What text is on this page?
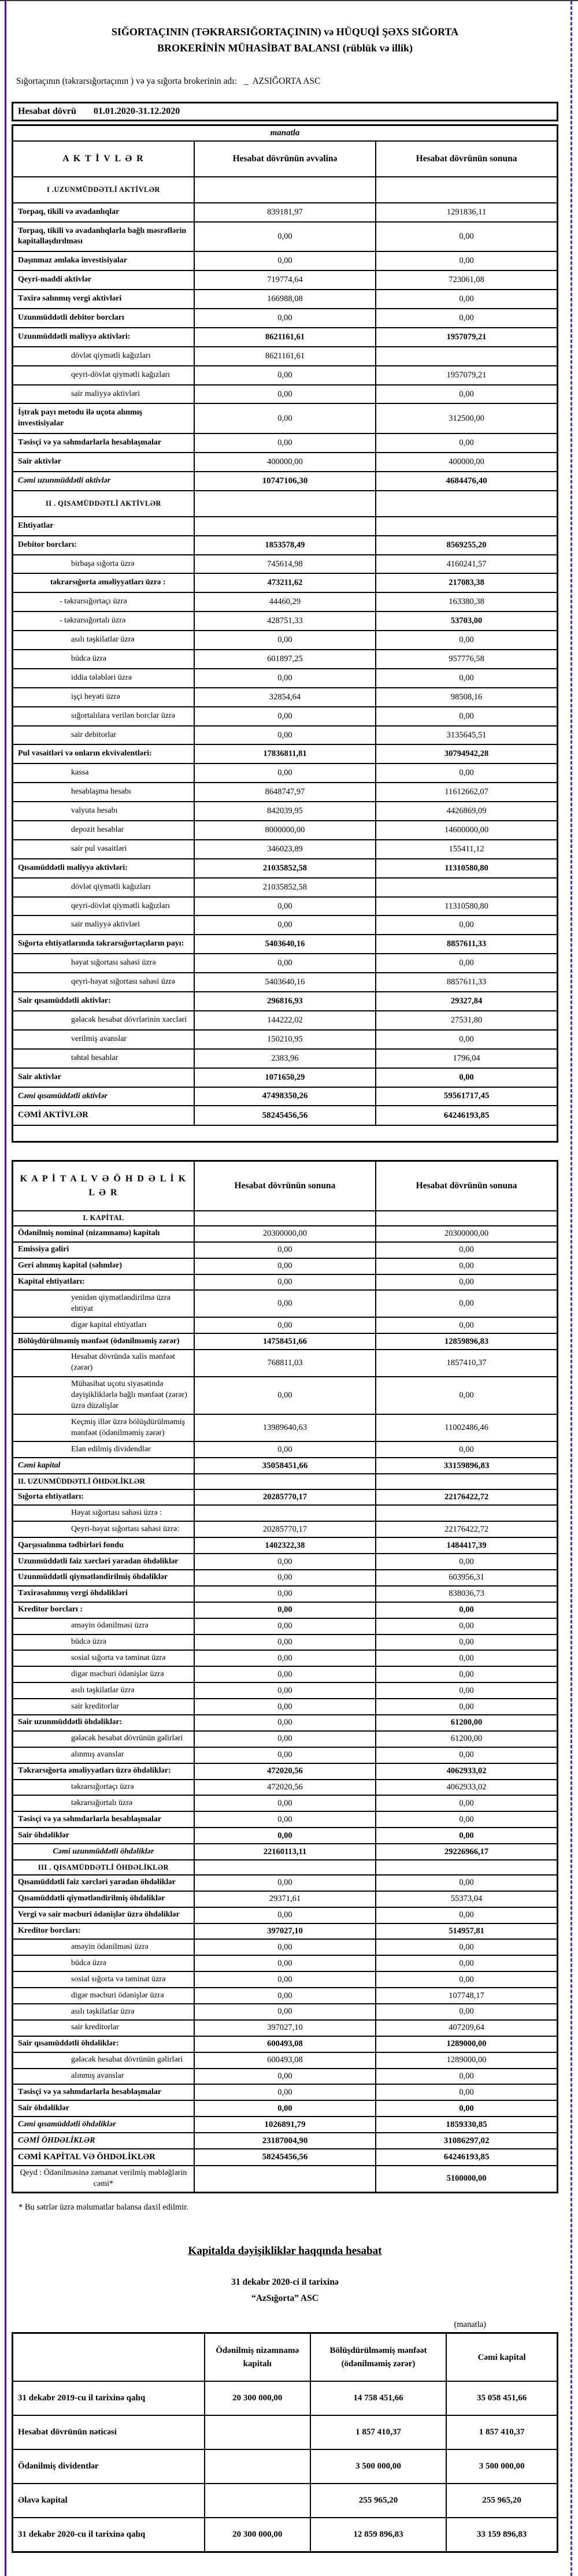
SIĞORTAÇININ (TƏKRARSIĞORTAÇININ) və HÜQUQİ ŞƏXS SIĞORTA BROKERİNİN MÜHASİBAT BALANSI (rüblük və illik)
Sığortaçının (təkrarsığortaçının ) və ya sığorta brokerinin adı: _ AZSIĞORTA ASC
Hesabat dövrü 01.01.2020-31.12.2020
manatla		
A K T İ V L Ə R	Hesabat dövrünün əvvəlinə	Hesabat dövrünün sonuna
I .UZUNMÜDDƏTLİ AKTİVLƏR		
Torpaq, tikili və avadanlıqlar	839181,97	1291836,11
Torpaq, tikili və avadanlıqlarla bağlı məsrəflərin kapitallaşdırılması	0,00	0,00
Daşınmaz əmlaka investisiyalar	0,00	0,00
Qeyri-maddi aktivlər	719774,64	723061,08
Təxirə salınmış vergi aktivləri	166988,08	0,00
Uzunmüddətli debitor borcları	0,00	0,00
Uzunmüddətli maliyyə aktivləri:	8621161,61	1957079,21
dövlət qiymətli kağızları	8621161,61	
qeyri-dövlət qiymətli kağızları	0,00	1957079,21
sair maliyyə aktivləri	0,00	0,00
İştrak payı metodu ilə uçota alınmış investisiyalar	0,00	312500,00
Təsisçi və ya səhmdarlarla hesablaşmalar	0,00	0,00
Sair aktivlər	400000,00	400000,00
Cəmi uzunmüddətli aktivlər	10747106,30	4684476,40
II . QISAMÜDDƏTLİ AKTİVLƏR		
Ehtiyatlar		
Debitor borcları:	1853578,49	8569255,20
birbaşa sığorta üzrə	745614,98	4160241,57
təkrarsığorta əməliyyatları üzrə :	473211,62	217083,38
- təkrarsığortaçı üzrə	44460,29	163380,38
- təkrarsığortalı üzrə	428751,33	53703,00
asılı təşkilatlar üzrə	0,00	0,00
büdcə üzrə	601897,25	957776,58
iddia tələbləri üzrə	0,00	0,00
işçi heyəti üzrə	32854,64	98508,16
sığortalılara verilən borclar üzrə	0,00	0,00
sair debitorlar	0,00	3135645,51
Pul vəsaitləri və onların ekvivalentləri:	17836811,81	30794942,28
kassa	0,00	0,00
hesablaşma hesabı	8648747,97	11612662,07
valyuta hesabı	842039,95	4426869,09
depozit hesablar	8000000,00	14600000,00
sair pul vəsaitləri	346023,89	155411,12
Qısamüddətli maliyyə aktivləri:	21035852,58	11310580,80
dövlət qiymətli kağızları	21035852,58	
qeyri-dövlət qiymətli kağızları	0,00	11310580,80
sair maliyyə aktivləri	0,00	0,00
Sığorta ehtiyatlarında təkrarsığortaçıların payı:	5403640,16	8857611,33
həyat sığortası sahəsi üzrə	0,00	0,00
qeyri-həyat sığortası sahəsi üzrə	5403640,16	8857611,33
Sair qısamüddətli aktivlər:	296816,93	29327,84
gələcək hesabat dövrlərinin xərcləri	144222,02	27531,80
verilmiş avanslar	150210,95	0,00
təhtəl hesablar	2383,96	1796,04
Sair aktivlər	1071650,29	0,00
Cəmi qısamüddətli aktivlər	47498350,26	59561717,45
CƏMİ AKTİVLƏR	58245456,56	64246193,85

K A P İ T A L V Ə Ö H D Ə L İ K L Ə R	Hesabat dövrünün sonuna	Hesabat dövrünün sonuna
I. KAPİTAL		
Ödənilmiş nominal (nizamnamə) kapitalı	20300000,00	20300000,00
Emissiya gəliri	0,00	0,00
Geri alınmış kapital (səhmlər)	0,00	0,00
Kapital ehtiyatları:	0,00	0,00
yenidən qiymətləndirilmə üzrə ehtiyat	0,00	0,00
digər kapital ehtiyatları	0,00	0,00
Bölüşdürülməmiş mənfəət (ödənilməmiş zərər)	14758451,66	12859896,83
Hesabat dövründə xalis mənfəət (zərər)	768811,03	1857410,37
Mühasibat uçotu siyasətində dəyişikliklərlə bağlı mənfəət (zərər) üzrə düzəlişlər	0,00	0,00
Keçmiş illər üzrə bölüşdürülməmiş mənfəət (ödənilməmiş zərər)	13989640,63	11002486,46
Elan edilmiş dividendlər	0,00	0,00
Cəmi kapital	35058451,66	33159896,83
II. UZUNMÜDDƏTLİ ÖHDƏLİKLƏR		
Sığorta ehtiyatları:	20285770,17	22176422,72
Həyat sığortası sahəsi üzrə :		
Qeyri-həyat sığortası sahəsi üzrə:	20285770,17	22176422,72
Qarşısıalınma tədbirləri fondu	1402322,38	1484417,39
Uzunmüddətli faiz xərcləri yaradan öhdəliklər	0,00	0,00
Uzunmüddətli qiymətləndirilmiş öhdəliklər	0,00	603956,31
Təxirəsalınmış vergi öhdəlikləri	0,00	838036,73
Kreditor borcları :	0,00	0,00
əməyin ödənilməsi üzrə	0,00	0,00
büdcə üzrə	0,00	0,00
sosial sığorta və təminat üzrə	0,00	0,00
digər məcburi ödənişlər üzrə	0,00	0,00
asılı təşkilatlar üzrə	0,00	0,00
sair kreditorlar	0,00	0,00
Sair uzunmüddətli öhdəliklər:	0,00	61200,00
gələcək hesabat dövrünün gəlirləri	0,00	61200,00
alınmış avanslar	0,00	0,00
Təkrarsığorta əməliyyatları üzrə öhdəliklər:	472020,56	4062933,02
təkrarsığortaçı üzrə	472020,56	4062933,02
təkrarsığortalı üzrə	0,00	0,00
Təsisçi və ya səhmdarlarla hesablaşmalar	0,00	0,00
Sair öhdəliklər	0,00	0,00
Cəmi uzunmüddətli öhdəliklər	22160113,11	29226966,17
III . QISAMÜDDƏTLİ ÖHDƏLİKLƏR		
Qısamüddətli faiz xərcləri yaradan öhdəliklər	0,00	0,00
Qısamüddətli qiymətləndirilmiş öhdəliklər	29371,61	55373,04
Vergi və sair məcburi ödənişlər üzrə öhdəliklər	0,00	0,00
Kreditor borcları:	397027,10	514957,81
əməyin ödənilməsi üzrə	0,00	0,00
büdcə üzrə	0,00	0,00
sosial sığorta və təminat üzrə	0,00	0,00
digər məcburi ödənişlər üzrə	0,00	107748,17
asılı təşkilatlar üzrə	0,00	0,00
sair kreditorlar	397027,10	407209,64
Sair qısamüddətli öhdəliklər:	600493,08	1289000,00
gələcək hesabat dövrünün gəlirləri	600493,08	1289000,00
alınmış avanslar	0,00	0,00
Təsisçi və ya səhmdarlarla hesablaşmalar	0,00	0,00
Sair öhdəliklər	0,00	0,00
Cəmi qısamüddətli öhdəliklər	1026891,79	1859330,85
CƏMİ ÖHDƏLİKLƏR	23187004,90	31086297,02
CƏMİ KAPİTAL VƏ ÖHDƏLİKLƏR	58245456,56	64246193,85
Qeyd : Ödənilməsinə zəmanət verilmiş məbləğlərin cəmi*		5100000,00

* Bu sətrlər üzrə məlumatlar balansa daxil edilmir.

Kapitalda dəyişikliklər haqqında hesabat
31 dekabr 2020-ci il tarixinə
“AzSığorta” ASC
(manatla)
	Ödənilmiş nizamnamə kapitalı	Bölüşdürülməmiş mənfəət (ödənilməmiş zərər)	Cəmi kapital
31 dekabr 2019-cu il tarixinə qalıq	20 300 000,00	14 758 451,66	35 058 451,66
Hesabat dövrünün nəticəsi		1 857 410,37	1 857 410,37
Ödənilmiş dividentlər		3 500 000,00	3 500 000,00
Əlavə kapital		255 965,20	255 965,20
31 dekabr 2020-cu il tarixinə qalıq	20 300 000,00	12 859 896,83	33 159 896,83
